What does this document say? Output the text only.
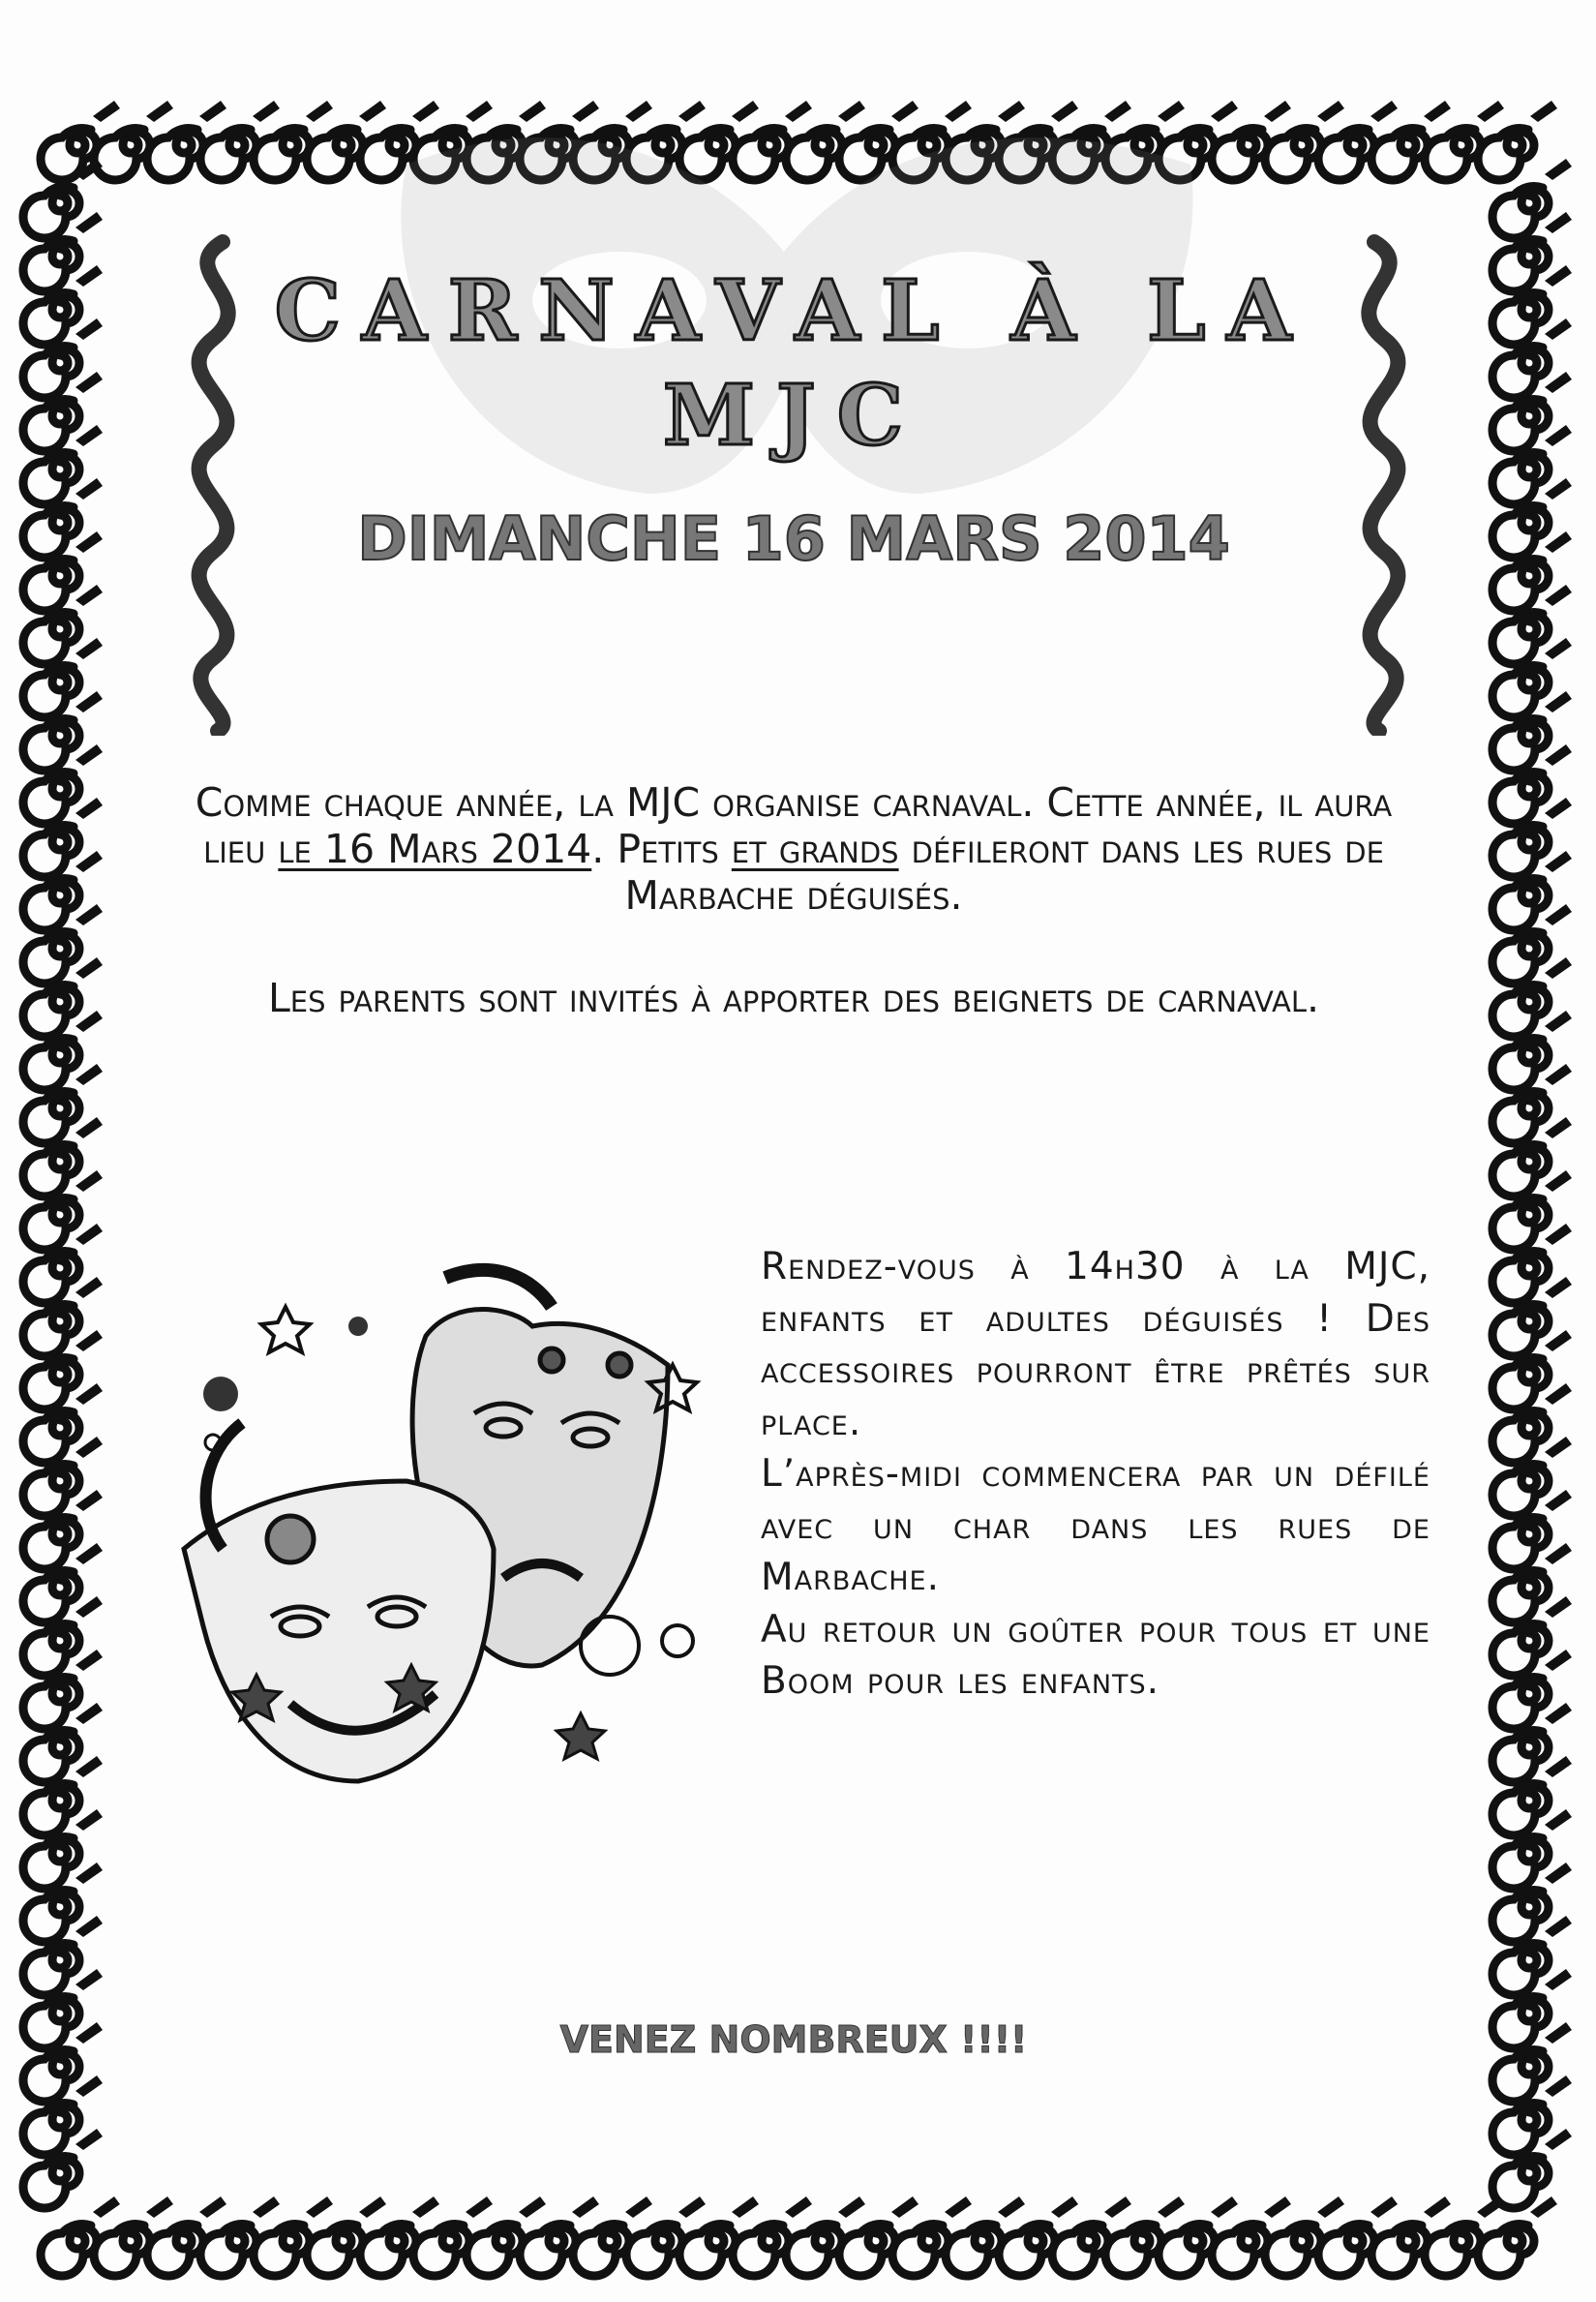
CARNAVAL À LA
MJC
DIMANCHE 16 MARS 2014

Comme chaque année, la MJC organise carnaval. Cette année, il aura lieu le 16 Mars 2014. Petits et grands défileront dans les rues de Marbache déguisés.

Les parents sont invités à apporter des beignets de carnaval.

Rendez-vous à 14h30 à la MJC, enfants et adultes déguisés ! Des accessoires pourront être prêtés sur place.

L’après-midi commencera par un défilé avec un char dans les rues de Marbache.

Au retour un goûter pour tous et une Boom pour les enfants.

VENEZ NOMBREUX !!!!
